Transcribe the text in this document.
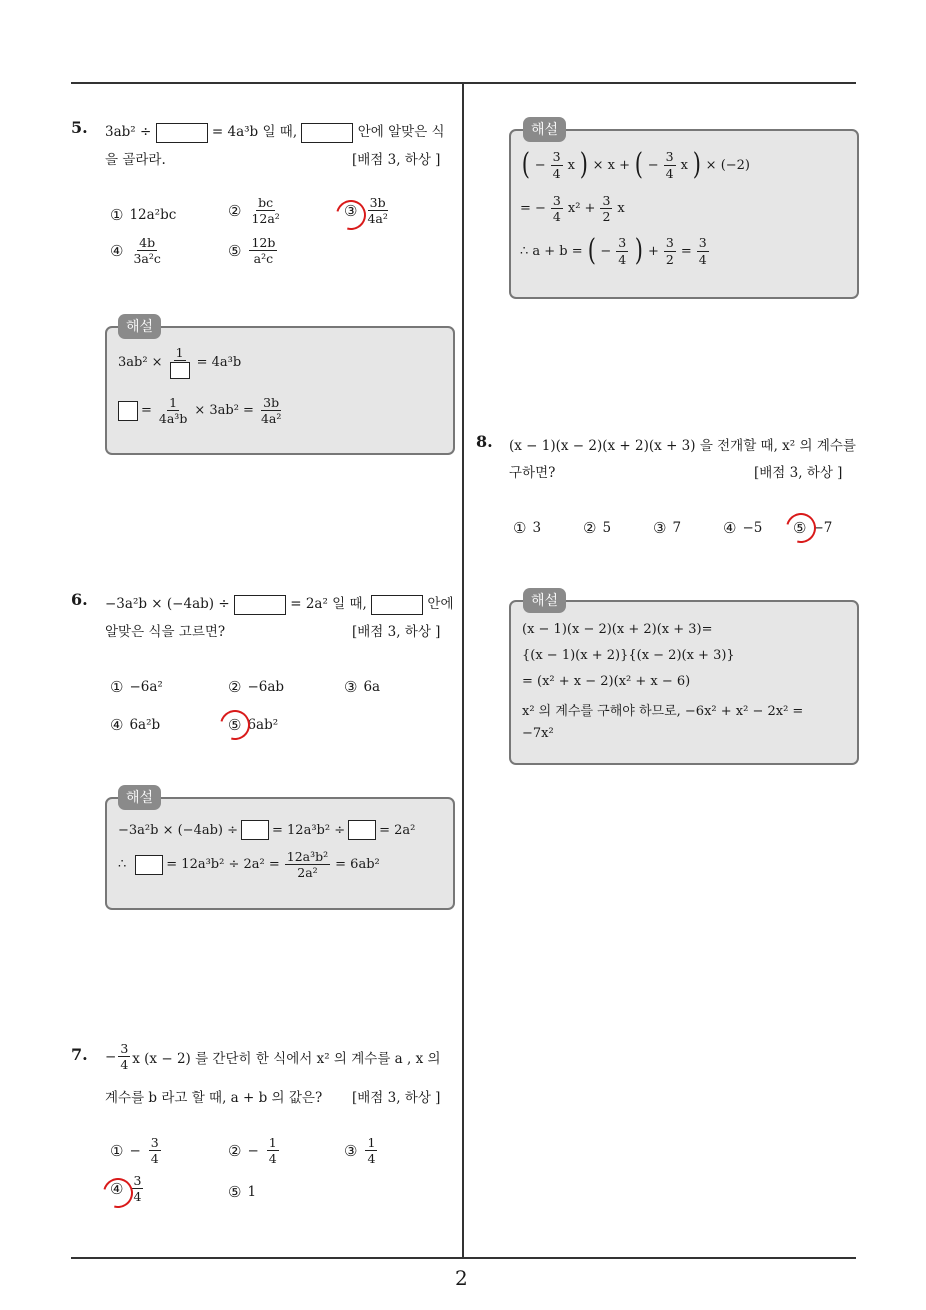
2
5. 3ab² ÷	= 4a³b 일 때,	안에 알맞은 식
을 골라라.	[배점 3, 하상 ]
① 12a²bc	② $\frac{bc}{\text{12a²}}$	③ $\frac{3b}{\text{4a²}}$
④ $\frac{4b}{\text{3a²c}}$	⑤ $\frac{12b}{\text{a²c}}$
해설
3ab² ×
1
= 4a³b
= $\frac{1}{\text{4a³b}} \times 3ab^2 = \frac{3b}{\text{4a²}}$
6. −3a²b × (−4ab) ÷	= 2a² 일 때,	안에
알맞은 식을 고르면?	[배점 3, 하상 ]
① −6a²	② −6ab	③ 6a
④ 6a²b	⑤ 6ab²
해설
−3a²b × (−4ab) ÷	= 12a³b² ÷	= 2a²
∴	= $12a^3b^2 \div 2a^2 = \frac{\text{12a³b²}}{\text{2a²}} = 6ab^2$
7. − $\frac{3}{4}$ x (x − 2) 를 간단히 한 식에서 x² 의 계수를 a , x 의
계수를 b 라고 할 때, a + b 의 값은? [배점 3, 하상 ]
① − $\frac{3}{4}$	② − $\frac{1}{4}$	③ $\frac{1}{4}$
④ $\frac{3}{4}$	⑤ 1
해설
( − $\frac{3}{4}$ x ) × x + ( − $\frac{3}{4}$ x ) × (−2)
= − $\frac{3}{4} x^2 + \frac{3}{2}$ x
∴ a + b = ( − $\frac{3}{4}$ ) + $\frac{3}{2} = \frac{3}{4}$
8. (x − 1)(x − 2)(x + 2)(x + 3) 을 전개할 때, x² 의 계수를
구하면?	[배점 3, 하상 ]
① 3	② 5	③ 7	④ −5 ⑤ −7
해설
(x − 1)(x − 2)(x + 2)(x + 3)=
{(x − 1)(x + 2)}{(x − 2)(x + 3)}
= (x² + x − 2)(x² + x − 6)
x² 의 계수를 구해야 하므로, −6x² + x² − 2x² =
−7x²
